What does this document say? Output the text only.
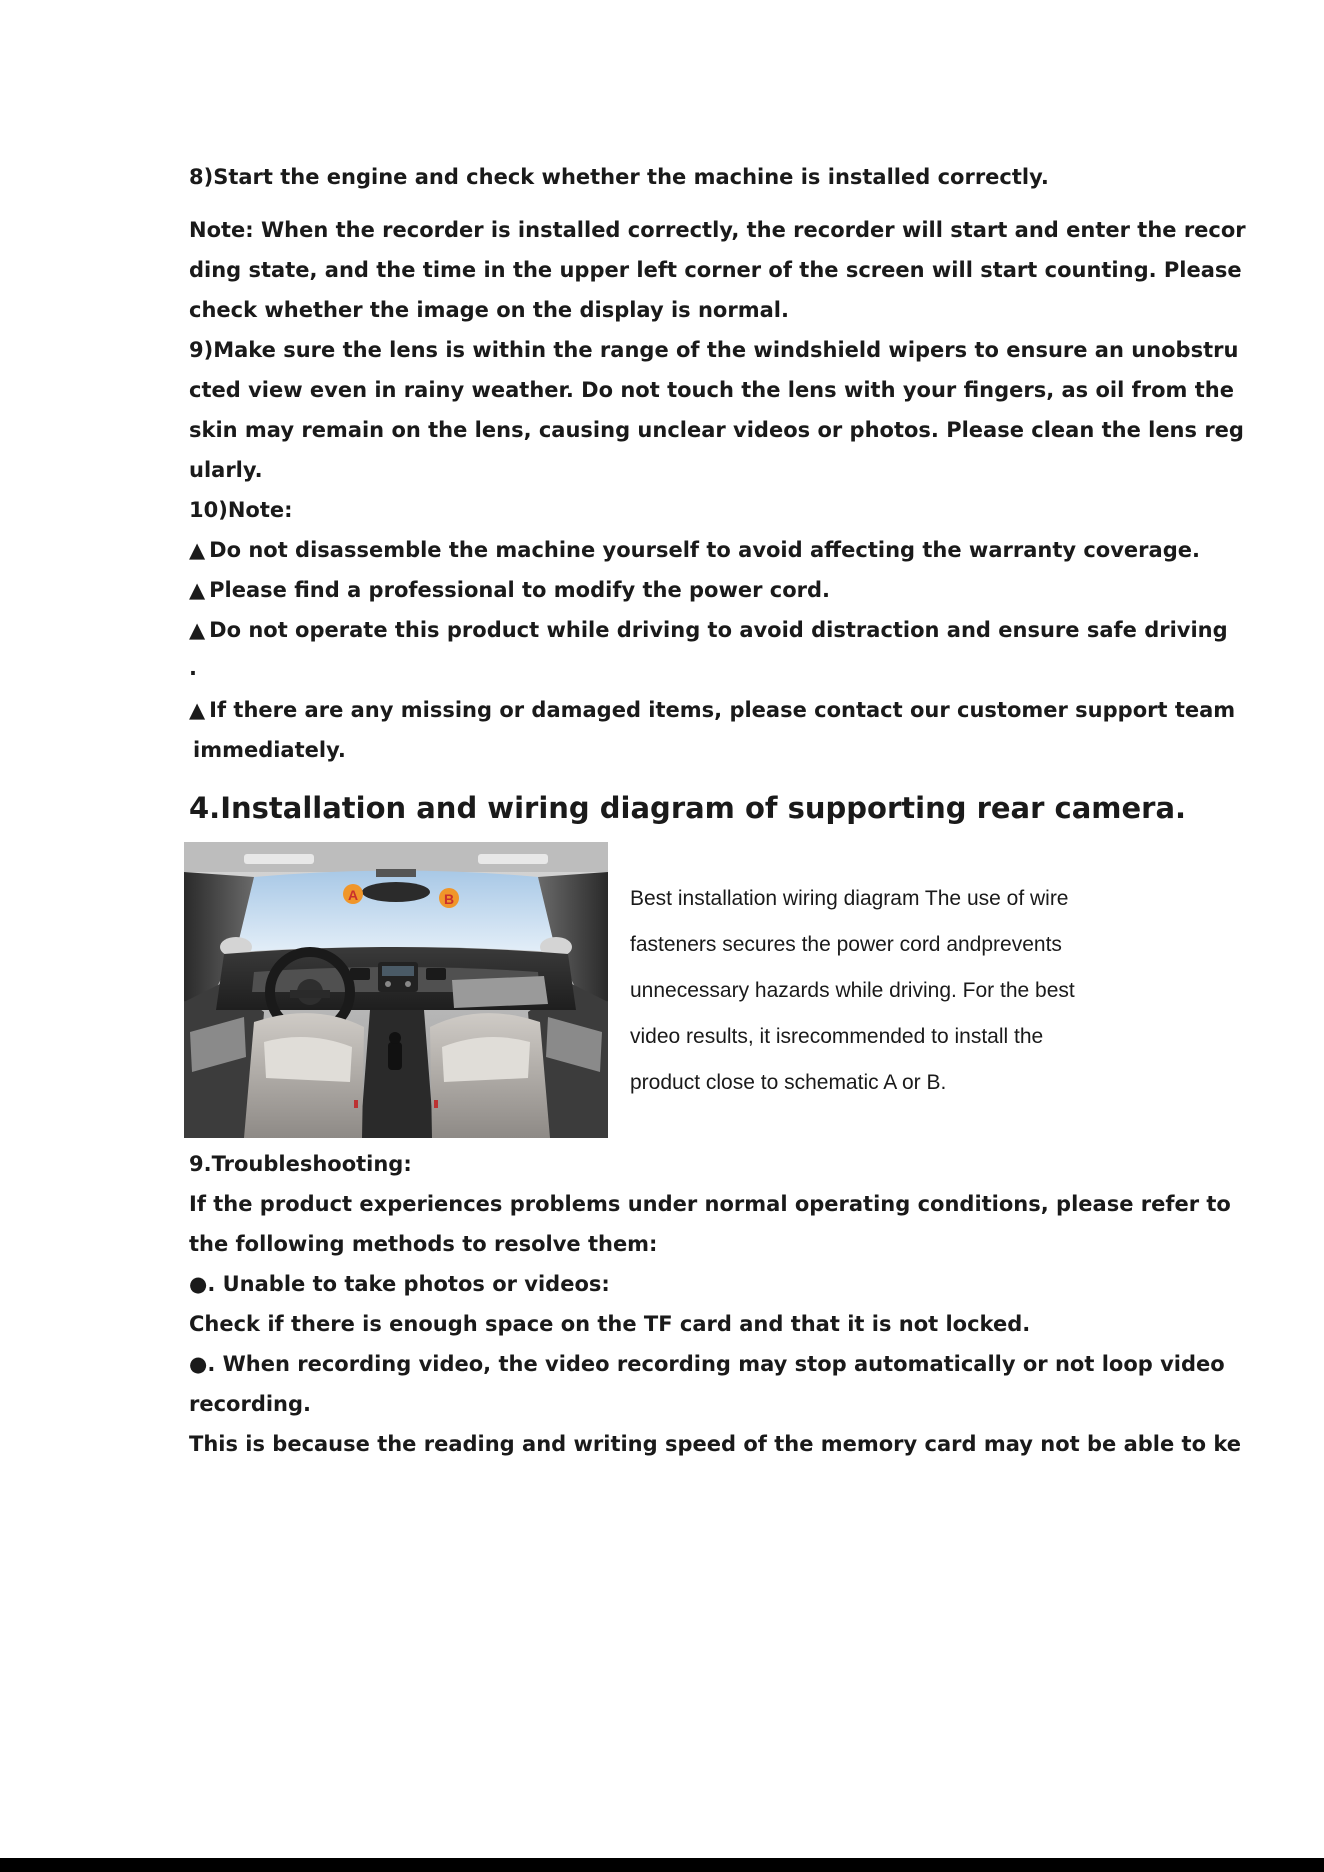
8)Start the engine and check whether the machine is installed correctly.
Note: When the recorder is installed correctly, the recorder will start and enter the recor
ding state, and the time in the upper left corner of the screen will start counting. Please
check whether the image on the display is normal.
9)Make sure the lens is within the range of the windshield wipers to ensure an unobstru
cted view even in rainy weather. Do not touch the lens with your fingers, as oil from the
skin may remain on the lens, causing unclear videos or photos. Please clean the lens reg
ularly.
10)Note:
▲ Do not disassemble the machine yourself to avoid affecting the warranty coverage.
▲ Please find a professional to modify the power cord.
▲ Do not operate this product while driving to avoid distraction and ensure safe driving
.
▲ If there are any missing or damaged items, please contact our customer support team
immediately.
4.Installation and wiring diagram of supporting rear camera.
A	B	Best installation wiring diagram The use of wire
fasteners secures the power cord andprevents
unnecessary hazards while driving. For the best
video results, it isrecommended to install the
product close to schematic A or B.
9.Troubleshooting:
If the product experiences problems under normal operating conditions, please refer to
the following methods to resolve them:
●. Unable to take photos or videos:
Check if there is enough space on the TF card and that it is not locked.
●. When recording video, the video recording may stop automatically or not loop video
recording.
This is because the reading and writing speed of the memory card may not be able to ke
